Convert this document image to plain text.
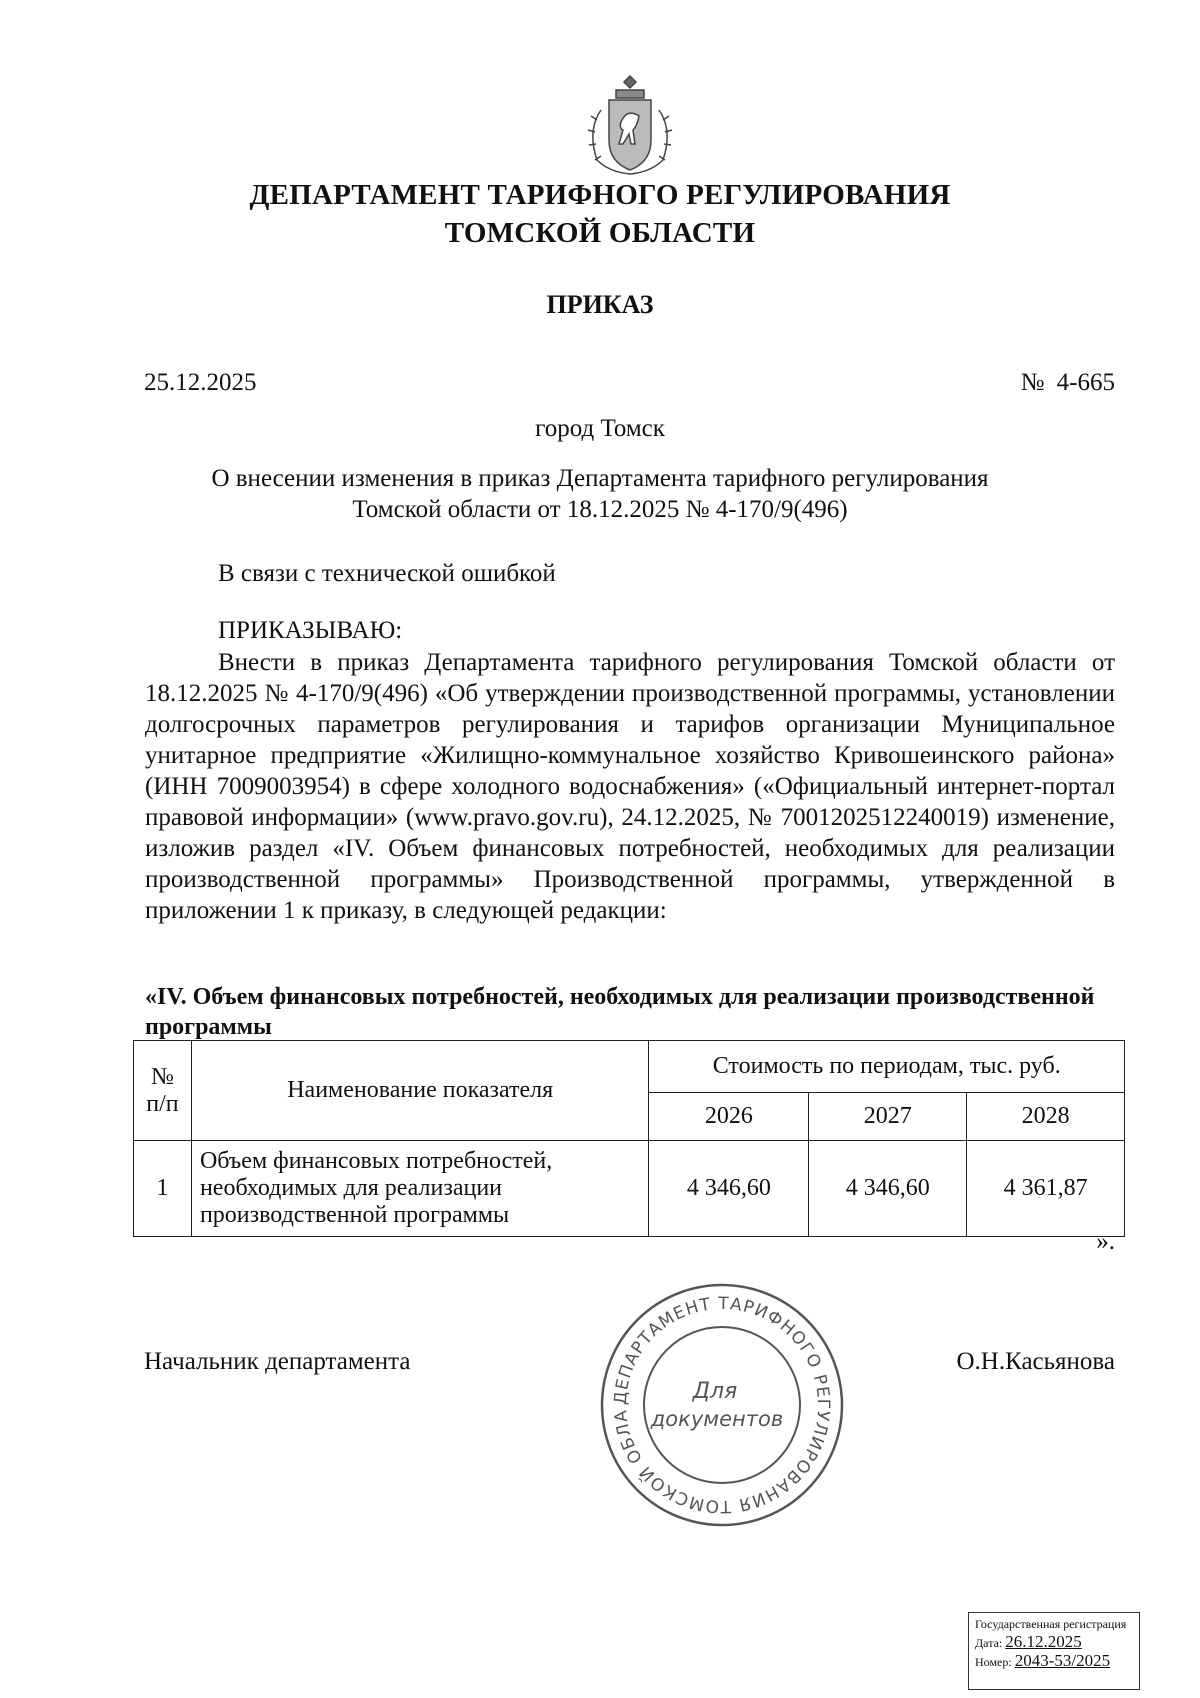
ДЕПАРТАМЕНТ ТАРИФНОГО РЕГУЛИРОВАНИЯ
ТОМСКОЙ ОБЛАСТИ
ПРИКАЗ
25.12.2025	№ 4-665
город Томск
О внесении изменения в приказ Департамента тарифного регулирования
Томской области от 18.12.2025 № 4-170/9(496)
В связи с технической ошибкой
ПРИКАЗЫВАЮ:
Внести в приказ Департамента тарифного регулирования Томской области от 18.12.2025 № 4-170/9(496) «Об утверждении производственной программы, установлении долгосрочных параметров регулирования и тарифов организации Муниципальное унитарное предприятие «Жилищно-коммунальное хозяйство Кривошеинского района» (ИНН 7009003954) в сфере холодного водоснабжения» («Официальный интернет-портал правовой информации» (www.pravo.gov.ru), 24.12.2025, № 7001202512240019) изменение, изложив раздел «IV. Объем финансовых потребностей, необходимых для реализации производственной программы» Производственной программы, утвержденной в приложении 1 к приказу, в следующей редакции:
«IV. Объем финансовых потребностей, необходимых для реализации производственной программы
№
п/п	Наименование показателя	Стоимость по периодам, тыс. руб.		
		2026	2027	2028
1	Объем финансовых потребностей, необходимых для реализации производственной программы	4 346,60	4 346,60	4 361,87
».
Начальник департамента	О.Н.Касьянова
ДЕПАРТАМЕНТ ТАРИФНОГО РЕГУЛИРОВАНИЯ ТОМСКОЙ ОБЛА
Для
документов
Государственная регистрация
Дата: 26.12.2025
Номер: 2043-53/2025
